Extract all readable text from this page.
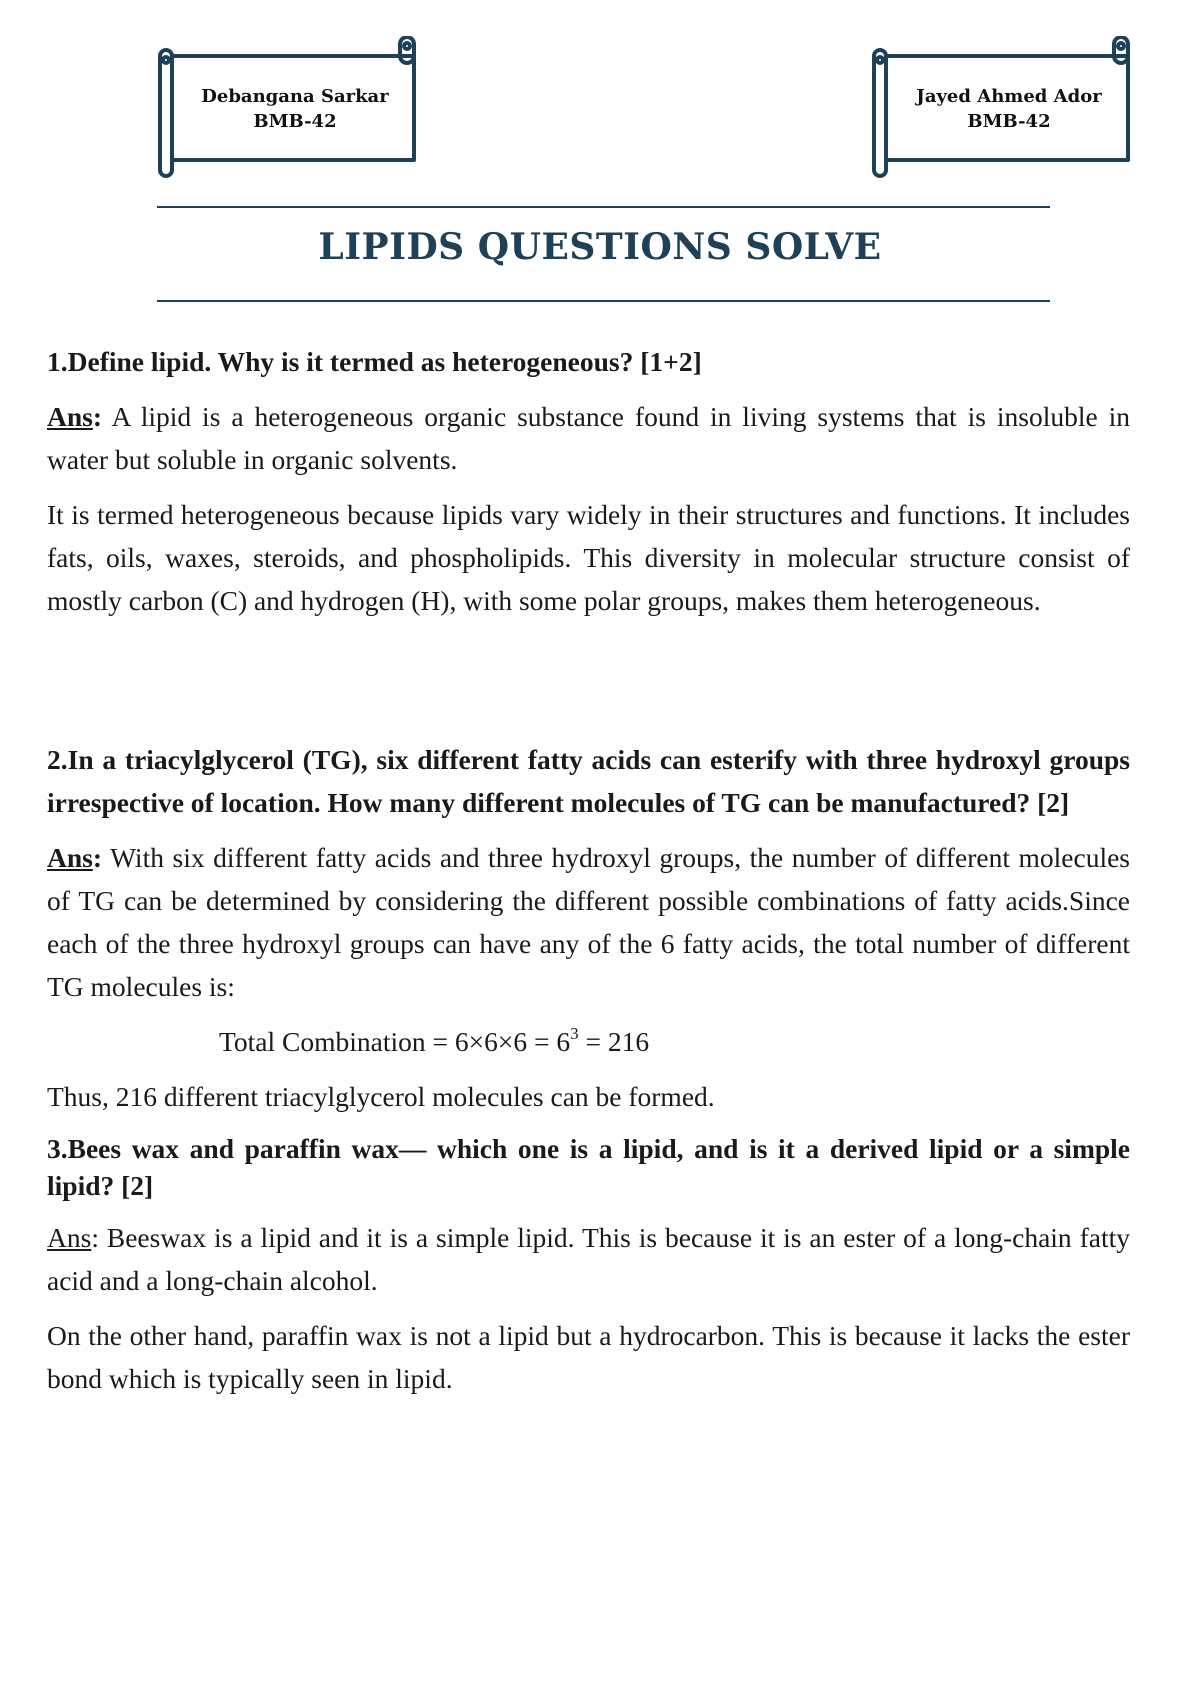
Debangana Sarkar
BMB-42
Jayed Ahmed Ador
BMB-42
LIPIDS QUESTIONS SOLVE

1.Define lipid. Why is it termed as heterogeneous? [1+2]

Ans: A lipid is a heterogeneous organic substance found in living systems that is insoluble in water but soluble in organic solvents.

It is termed heterogeneous because lipids vary widely in their structures and functions. It includes fats, oils, waxes, steroids, and phospholipids. This diversity in molecular structure consist of mostly carbon (C) and hydrogen (H), with some polar groups, makes them heterogeneous.

2.In a triacylglycerol (TG), six different fatty acids can esterify with three hydroxyl groups irrespective of location. How many different molecules of TG can be manufactured? [2]

Ans: With six different fatty acids and three hydroxyl groups, the number of different molecules of TG can be determined by considering the different possible combinations of fatty acids.Since each of the three hydroxyl groups can have any of the 6 fatty acids, the total number of different TG molecules is:

Total Combination = $6\times 6\times 6 = 6^3 = 216$

Thus, 216 different triacylglycerol molecules can be formed.

3.Bees wax and paraffin wax— which one is a lipid, and is it a derived lipid or a simple lipid? [2]

Ans: Beeswax is a lipid and it is a simple lipid. This is because it is an ester of a long-chain fatty acid and a long-chain alcohol.

On the other hand, paraffin wax is not a lipid but a hydrocarbon. This is because it lacks the ester bond which is typically seen in lipid.
